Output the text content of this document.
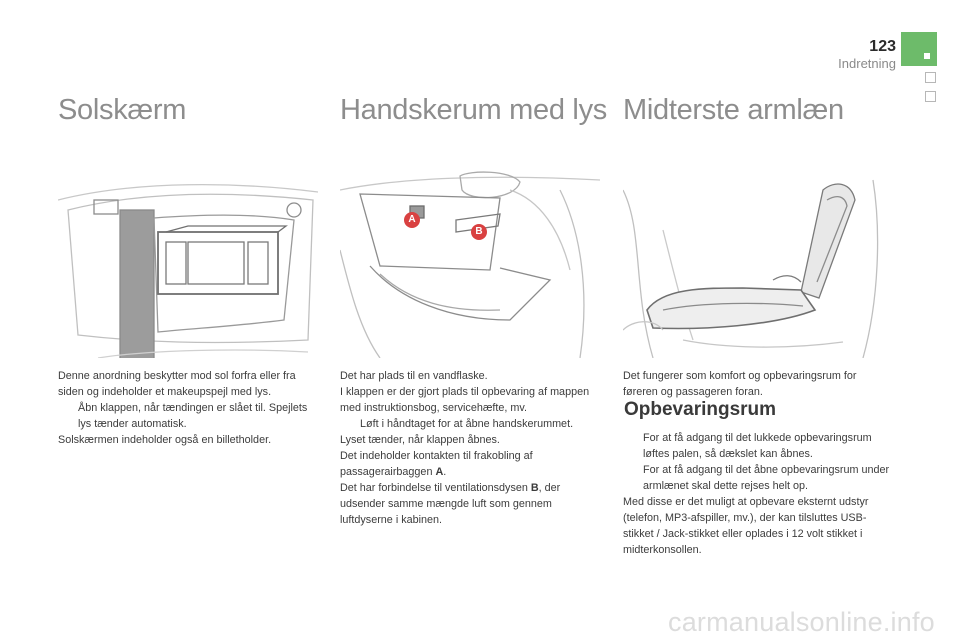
123
Indretning
Solskærm	Handskerum med lys Midterste armlæn
A
B

Denne anordning beskytter mod sol forfra eller fra siden og indeholder et makeupspejl med lys.

Åbn klappen, når tændingen er slået til. Spejlets lys tænder automatisk.

Solskærmen indeholder også en billetholder.

Det har plads til en vandflaske.

I klappen er der gjort plads til opbevaring af mappen med instruktionsbog, servicehæfte, mv.

Løft i håndtaget for at åbne handskerummet.

Lyset tænder, når klappen åbnes.

Det indeholder kontakten til frakobling af passagerairbaggen A.

Det har forbindelse til ventilationsdysen B, der udsender samme mængde luft som gennem luftdyserne i kabinen.

Det fungerer som komfort og opbevaringsrum for føreren og passageren foran.

Opbevaringsrum
For at få adgang til det lukkede opbevaringsrum løftes palen, så dækslet kan åbnes.
For at få adgang til det åbne opbevaringsrum under armlænet skal dette rejses helt op.

Med disse er det muligt at opbevare eksternt udstyr (telefon, MP3-afspiller, mv.), der kan tilsluttes USB-stikket / Jack-stikket eller oplades i 12 volt stikket i midterkonsollen.

carmanualsonline.info
